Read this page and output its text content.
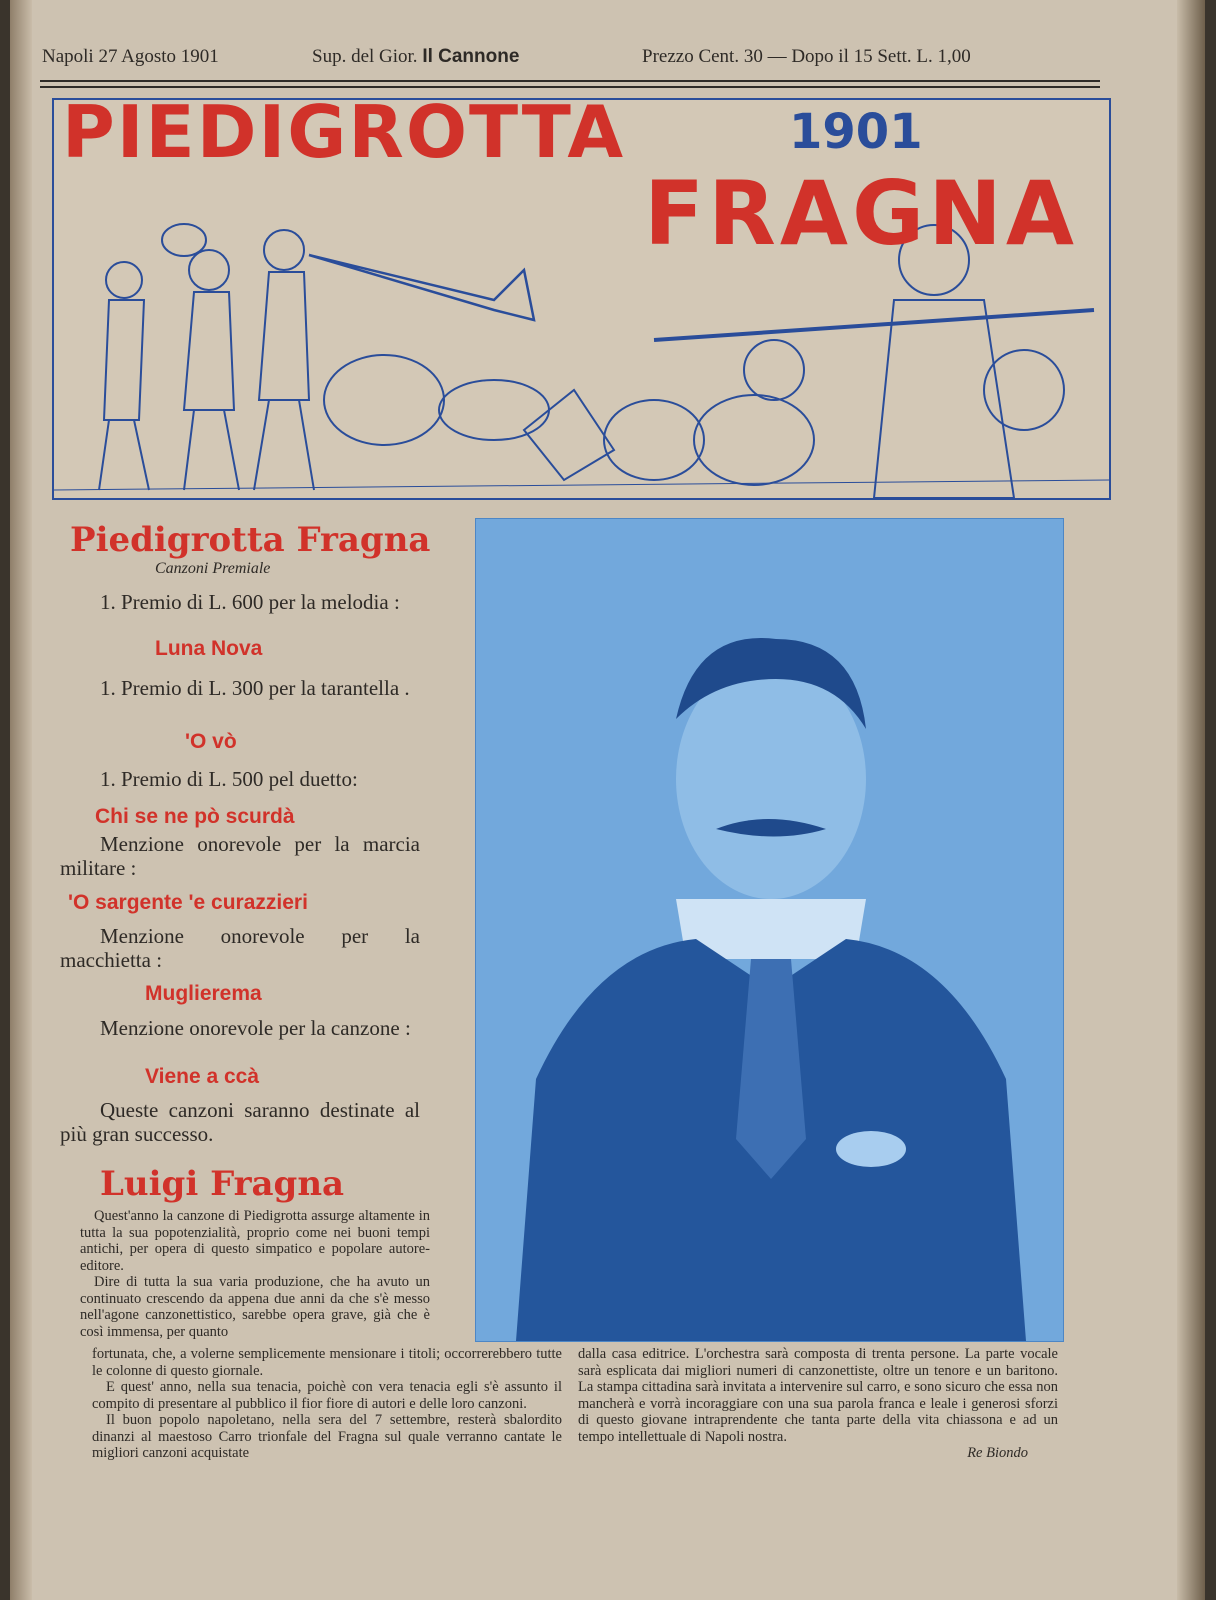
Napoli 27 Agosto 1901	Sup. del Gior. Il Cannone	Prezzo Cent. 30 — Dopo il 15 Sett. L. 1,00
PIEDIGROTTA	1901
FRAGNA
Piedigrotta Fragna
Canzoni Premiale
1. Premio di L. 600 per la melodia :
Luna Nova
1. Premio di L. 300 per la tarantella .
'O vò
1. Premio di L. 500 pel duetto:
Chi se ne pò scurdà
Menzione onorevole per la marcia militare :
'O sargente 'e curazzieri
Menzione onorevole per la macchietta :
Muglierema
Menzione onorevole per la canzone :
Viene a ccà
Queste canzoni saranno destinate al più gran successo.
Luigi Fragna

Quest'anno la canzone di Piedigrotta assurge altamente in tutta la sua popotenzialità, proprio come nei buoni tempi antichi, per opera di questo simpatico e popolare autore-editore.

Dire di tutta la sua varia produzione, che ha avuto un continuato crescendo da appena due anni da che s'è messo nell'agone canzonettistico, sarebbe opera grave, già che è così immensa, per quanto

fortunata, che, a volerne semplicemente mensionare i titoli; occorrerebbero tutte le colonne di questo giornale.

E quest' anno, nella sua tenacia, poichè con vera tenacia egli s'è assunto il compito di presentare al pubblico il fior fiore di autori e delle loro canzoni.

Il buon popolo napoletano, nella sera del 7 settembre, resterà sbalordito dinanzi al maestoso Carro trionfale del Fragna sul quale verranno cantate le migliori canzoni acquistate

dalla casa editrice. L'orchestra sarà composta di trenta persone. La parte vocale sarà esplicata dai migliori numeri di canzonettiste, oltre un tenore e un baritono. La stampa cittadina sarà invitata a intervenire sul carro, e sono sicuro che essa non mancherà e vorrà incoraggiare con una sua parola franca e leale i generosi sforzi di questo giovane intraprendente che tanta parte della vita chiassona e ad un tempo intellettuale di Napoli nostra.

Re Biondo
